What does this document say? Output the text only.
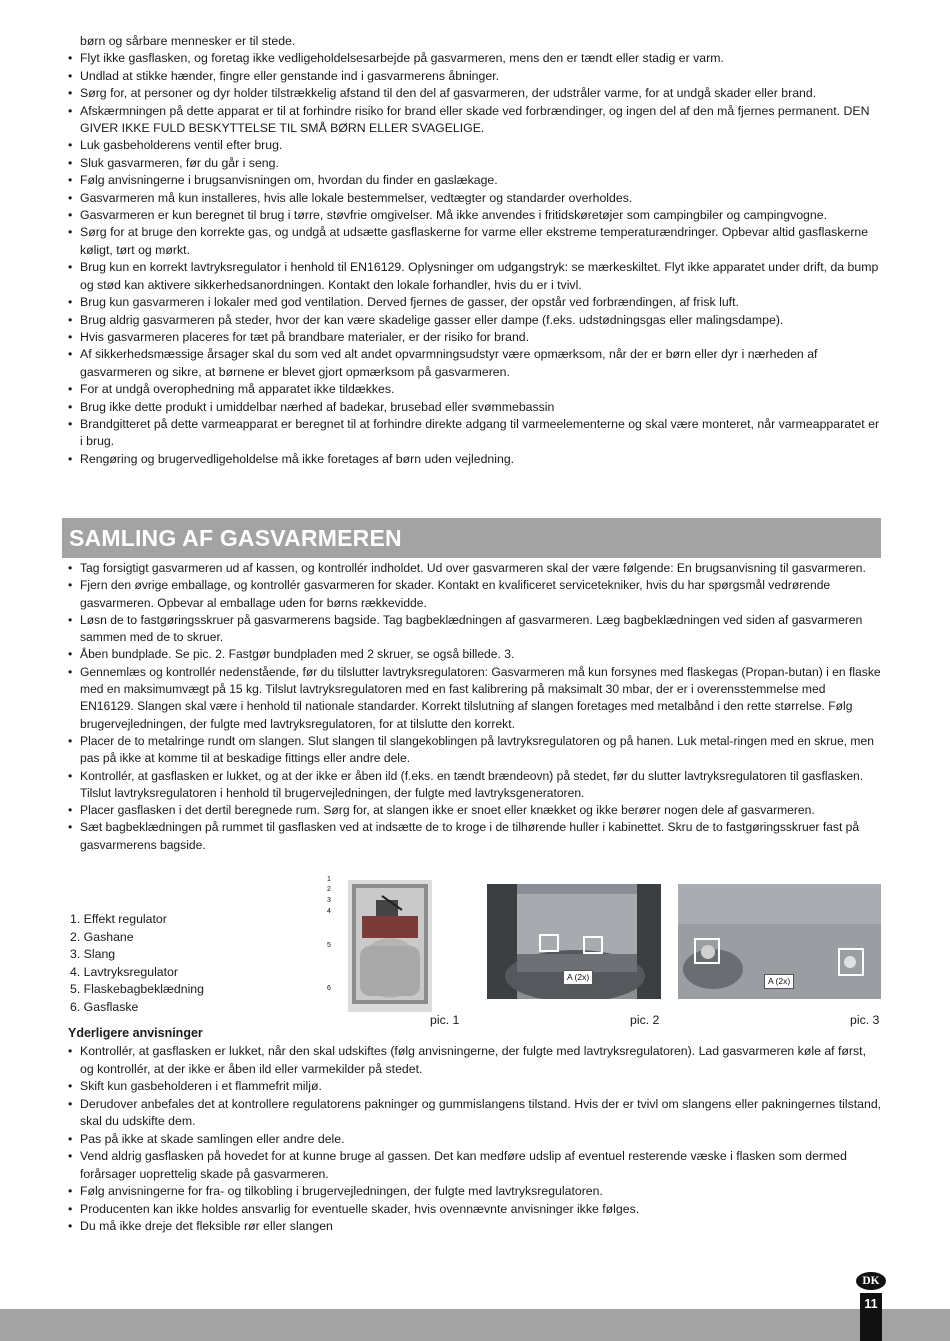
børn og sårbare mennesker er til stede.
• Flyt ikke gasflasken, og foretag ikke vedligeholdelsesarbejde på gasvarmeren, mens den er tændt eller stadig er varm.
• Undlad at stikke hænder, fingre eller genstande ind i gasvarmerens åbninger.
• Sørg for, at personer og dyr holder tilstrækkelig afstand til den del af gasvarmeren, der udstråler varme, for at undgå skader eller brand.
• Afskærmningen på dette apparat er til at forhindre risiko for brand eller skade ved forbrændinger, og ingen del af den må fjernes permanent. DEN GIVER IKKE FULD BESKYTTELSE TIL SMÅ BØRN ELLER SVAGELIGE.
• Luk gasbeholderens ventil efter brug.
• Sluk gasvarmeren, før du går i seng.
• Følg anvisningerne i brugsanvisningen om, hvordan du finder en gaslækage.
• Gasvarmeren må kun installeres, hvis alle lokale bestemmelser, vedtægter og standarder overholdes.
• Gasvarmeren er kun beregnet til brug i tørre, støvfrie omgivelser. Må ikke anvendes i fritidskøretøjer som campingbiler og campingvogne.
• Sørg for at bruge den korrekte gas, og undgå at udsætte gasflaskerne for varme eller ekstreme temperaturændringer. Opbevar altid gasflaskerne køligt, tørt og mørkt.
• Brug kun en korrekt lavtryksregulator i henhold til EN16129. Oplysninger om udgangstryk: se mærkeskiltet. Flyt ikke apparatet under drift, da bump og stød kan aktivere sikkerhedsanordningen. Kontakt den lokale forhandler, hvis du er i tvivl.
• Brug kun gasvarmeren i lokaler med god ventilation. Derved fjernes de gasser, der opstår ved forbrændingen, af frisk luft.
• Brug aldrig gasvarmeren på steder, hvor der kan være skadelige gasser eller dampe (f.eks. udstødningsgas eller malingsdampe).
• Hvis gasvarmeren placeres for tæt på brandbare materialer, er der risiko for brand.
• Af sikkerhedsmæssige årsager skal du som ved alt andet opvarmningsudstyr være opmærksom, når der er børn eller dyr i nærheden af gasvarmeren og sikre, at børnene er blevet gjort opmærksom på gasvarmeren.
• For at undgå overophedning må apparatet ikke tildækkes.
• Brug ikke dette produkt i umiddelbar nærhed af badekar, brusebad eller svømmebassin
• Brandgitteret på dette varmeapparat er beregnet til at forhindre direkte adgang til varmeelementerne og skal være monteret, når varmeapparatet er i brug.
• Rengøring og brugervedligeholdelse må ikke foretages af børn uden vejledning.
SAMLING AF GASVARMEREN
• Tag forsigtigt gasvarmeren ud af kassen, og kontrollér indholdet. Ud over gasvarmeren skal der være følgende: En brugsanvisning til gasvarmeren.
• Fjern den øvrige emballage, og kontrollér gasvarmeren for skader. Kontakt en kvalificeret servicetekniker, hvis du har spørgsmål vedrørende gasvarmeren. Opbevar al emballage uden for børns rækkevidde.
• Løsn de to fastgøringsskruer på gasvarmerens bagside. Tag bagbeklædningen af gasvarmeren. Læg bagbeklædningen ved siden af gasvarmeren sammen med de to skruer.
• Åben bundplade. Se pic. 2. Fastgør bundpladen med 2 skruer, se også billede. 3.
• Gennemlæs og kontrollér nedenstående, før du tilslutter lavtryksregulatoren: Gasvarmeren må kun forsynes med flaskegas (Propan-butan) i en flaske med en maksimumvægt på 15 kg. Tilslut lavtryksregulatoren med en fast kalibrering på maksimalt 30 mbar, der er i overensstemmelse med EN16129. Slangen skal være i henhold til nationale standarder. Korrekt tilslutning af slangen foretages med metalbånd i den rette størrelse. Følg brugervejledningen, der fulgte med lavtryksregulatoren, for at tilslutte den korrekt.
• Placer de to metalringe rundt om slangen. Slut slangen til slangekoblingen på lavtryksregulatoren og på hanen. Luk metal-ringen med en skrue, men pas på ikke at komme til at beskadige fittings eller andre dele.
• Kontrollér, at gasflasken er lukket, og at der ikke er åben ild (f.eks. en tændt brændeovn) på stedet, før du slutter lavtryksregulatoren til gasflasken. Tilslut lavtryksregulatoren i henhold til brugervejledningen, der fulgte med lavtryksgeneratoren.
• Placer gasflasken i det dertil beregnede rum. Sørg for, at slangen ikke er snoet eller knækket og ikke berører nogen dele af gasvarmeren.
• Sæt bagbeklædningen på rummet til gasflasken ved at indsætte de to kroge i de tilhørende huller i kabinettet. Skru de to fastgøringsskruer fast på gasvarmerens bagside.
1. Effekt regulator
2. Gashane
3. Slang
4. Lavtryksregulator
5. Flaskebagbeklædning
6. Gasflaske
1
2
3
4
5
6
pic. 1
A (2x)
pic. 2
A (2x)
pic. 3
Yderligere anvisninger
• Kontrollér, at gasflasken er lukket, når den skal udskiftes (følg anvisningerne, der fulgte med lavtryksregulatoren). Lad gasvarmeren køle af først, og kontrollér, at der ikke er åben ild eller varmekilder på stedet.
• Skift kun gasbeholderen i et flammefrit miljø.
• Derudover anbefales det at kontrollere regulatorens pakninger og gummislangens tilstand. Hvis der er tvivl om slangens eller pakningernes tilstand, skal du udskifte dem.
• Pas på ikke at skade samlingen eller andre dele.
• Vend aldrig gasflasken på hovedet for at kunne bruge al gassen. Det kan medføre udslip af eventuel resterende væske i flasken som dermed forårsager uoprettelig skade på gasvarmeren.
• Følg anvisningerne for fra- og tilkobling i brugervejledningen, der fulgte med lavtryksregulatoren.
• Producenten kan ikke holdes ansvarlig for eventuelle skader, hvis ovennævnte anvisninger ikke følges.
• Du må ikke dreje det fleksible rør eller slangen
DK
11
